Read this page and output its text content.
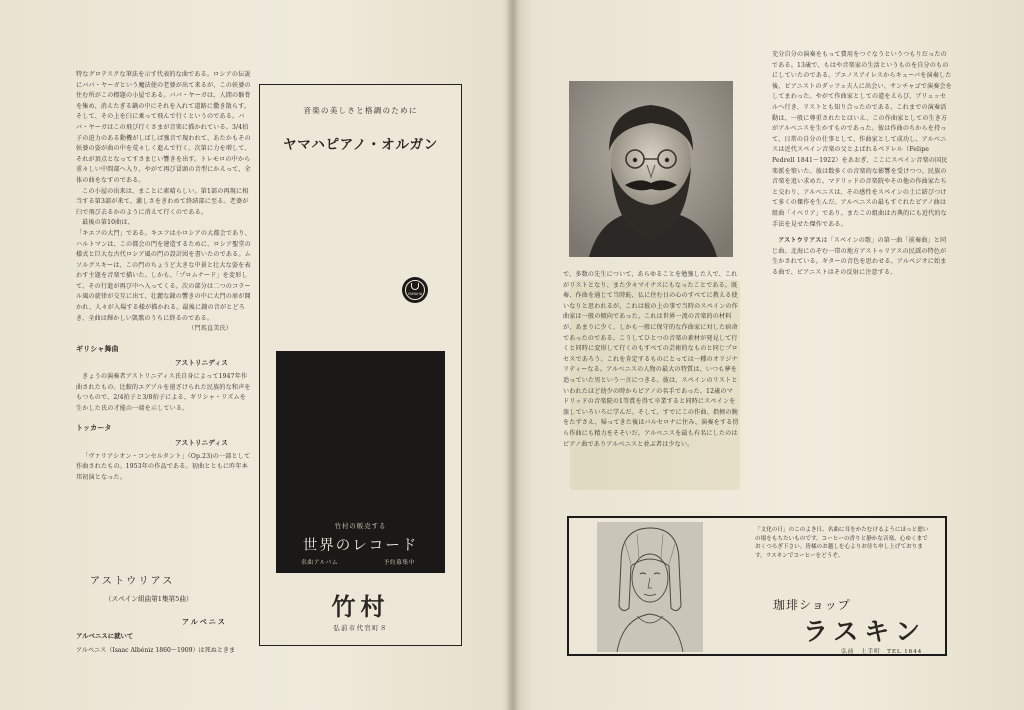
特なグロテスクな筆法を示す代表的な曲である。ロシアの伝説にババ・ヤーガという魔法使の老婆が出て来るが、この妖婆の住む所がこの標題の小屋である。ババ・ヤーガは、人間の骸骨を集め、消えたぎる鍋の中にそれを入れて道路に撒き散らす。そして、その上を臼に乗って飛んで行くというのである。ババ・ヤーガはこの飛び行くさまが音楽に描かれている。3/4拍子の迫力のある動機がしばしば強音で現われて、あたかもその妖婆の姿が曲の中を荒々しく進んで行く。次第に力を増して、それが頂点となってすさまじい響きを出す。トレモロの中から重々しい中間部へ入り、やがて再び冒頭の音型にかえって、全体の曲をなすのである。

この小屋の出来は、まことに素晴らしい。第1部の再現に相当する第3部が来て、激しさをきわめて終結部に至る。老婆が臼で飛び去るかのように消えて行くのである。

最後の第10曲は、

「キエフの大門」である。キエフは小ロシアの大都会であり、ハルトマンは、この都会の門を建造するために、ロシア聖堂の様式と巨大な古代ロシア風の門の設計図を書いたのである。ムソルグスキーは、この門のちょうど大きな中景と壮大な姿を表わす主題を音楽で描いた。しかも、「プロムナード」を変形して、その行進が再び中へ入ってくる。次の部分は二つのコラール風の旋律が交互に出て、壮麗な鐘の響きの中に大門の扉が開かれ、人々が入場する様が描かれる。最後に鐘の音がとどろき、全曲は輝かしい凱歌のうちに終るのである。

（門馬直美氏）

ギリシャ舞曲

アストリニディス

きょうの演奏者アストリニディス氏自身によって1947年作曲されたもの。比較的エグゾルを遠ざけられた民族的な和声をもつもので、2/4拍子と3/8拍子による、ギリシャ・リズムを生かした氏の才能の一端を示している。

トッカータ

アストリニディス

「ヴァリアシオン・コンセルタント」（Op.23)の一部として作曲されたもの。1953年の作品である。初曲とともに昨年本邦初演となった。

アストウリアス
（スペイン組曲第1集第5曲）
アルベニス
アルベニスに就いて
アルベニス（Isaac Albéniz 1860〜1909）は死ぬときま
音楽の美しさと格調のために
ヤマハピアノ・オルガン
YAMAHA
竹村の販売する
世界のレコード
名曲アルバム	予約募集中
竹村
弘前市代官町８

で、多数の先生について、あらゆることを勉強した人で、これがリストとなり、また少々マイナスにもなったことである。既奏、作曲を通じて当時恥、仏に住む日の心のすべてに教える使いなりと思われるが、これは彼の上の事で当時のスペインの作曲家は一般の傾向であった。これは世界一流の音楽的の材料が、あまりに少く、しかも一般に保守的な作曲家に対した宿命であったのである。こうしてひとつの音楽の素材が発見して行くと同時に変形して行くのもすべての芸術的なものと同じプロセスであろう。これを肯定するものにとっては一種のオリジナリティーなる。アルベニスの人物の最大の特質は、いつも夢を追っていた男という一言につきる。彼は、スペインのリストといわれたほど幼少の時からピアノの名手であった。12歳のマドリッドの音楽院の1等賞を得て卒業すると同時にスペインを旅していろいろに学んだ。そして、すでにこの作曲、指揮の腕をたずさえ、帰ってきた後はバルセロナに住み、演奏をする傍ら作曲にも精力をそそいだ。アルベニスを最も有名にしたのはピアノ曲でありアルベニスと並ぶ者は少ない。

充分自分の演奏をもって費用をつぐなうというつもりだったのである。13歳で、もはや音楽家の生活というものを自分のものにしていたのである。ブエノスアイレスからキューバを演奏した後、ビアニストのダッフェ夫人に出会い、サンチャゴで演奏会をしてまわった。やがて作曲家としての道をえらび、ブリュッセルへ行き、リストとも知り合ったのである。これまでの演奏活動は、一般に尊重されたとはいえ、この作曲家としての生き方がアルベニスを生かすものであった。彼は作曲のちからを持って、日常の自分の仕事として、作曲家として成功し、アルベニスは近代スペイン音楽の父とよばれるペドレル（Felipe Pedrell 1841〜1922）をあおぎ、ここにスペイン音楽の国民楽派を築いた。彼は数多くの音楽的な影響を受けつつ、民族の音楽を追い求めた。マドリッドの音楽院やその他の作曲家たちと交わり、アルベニスは、その感性をスペインの土に結びつけて多くの傑作を生んだ。アルベニスの最もすぐれたピアノ曲は組曲「イベリア」であり、またこの組曲は古典的にも近代的な手法を見せた傑作である。

アストウリアスは「スペインの歌」の第一曲「前奏曲」と同じ曲。北海にのぞむ一帯の地方アストゥリアスの民謡の特色が生かされている。ギターの音色を思わせる、アルペジオに始まる曲で、ピアニストはその反射に注意する。

「文化の日」のこのよき日、名曲に耳をかたむけるようにほっと憩いの場をもちたいものです。コーヒーの香りと静かな音楽、心ゆくまでおくつろぎ下さい。皆様のお越しを心よりお待ち申し上げております。ラスキンでコーヒーをどうぞ。
珈琲ショップ
ラスキン
弘前　土手町　TEL 1644
